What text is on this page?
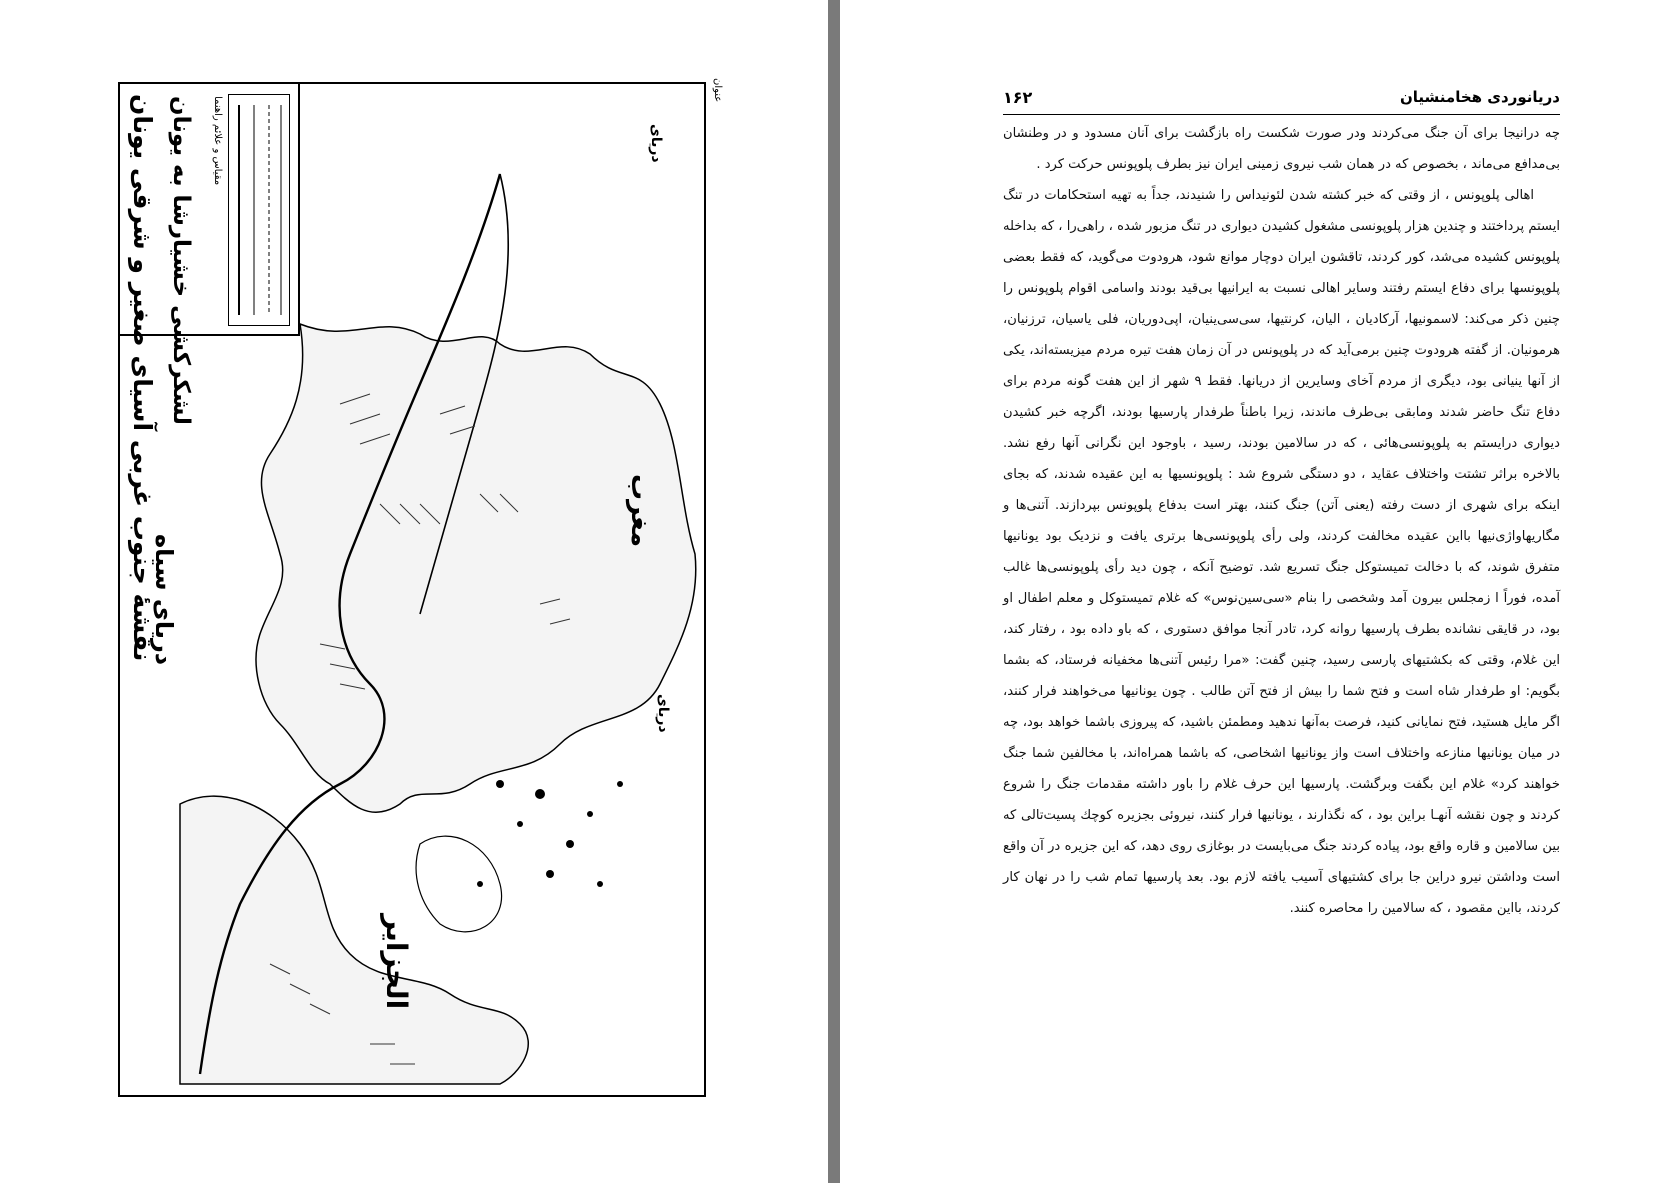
نقشهٔ جنوب غربی آسیای صغیر و شرقی یونان لشکرکشی خشیارشا به یونان مقیاس و علائم راهنما
دریای سیاه
الجزایر
مغرب
دریای
دریای
عنوان	۱۶۲	دریانوردی هخامنشیان

چه درانیجا برای آن جنگ می‌کردند ودر صورت شکست راه بازگشت برای آنان مسدود و در وطنشان بی‌مدافع می‌ماند ، بخصوص که در همان شب نیروی زمینی ایران نیز بطرف پلوپونس حرکت کرد .

اهالی پلوپونس ، از وقتی که خبر کشته شدن لئونیداس را شنیدند، جداً به تهیه استحکامات در تنگ ایستم پرداختند و چندین هزار پلوپونسی مشغول کشیدن دیواری در تنگ مزبور شده ، راهی‌را ، که بداخله پلوپونس کشیده می‌شد، کور کردند، تاقشون ایران دوچار موانع شود، هرودوت می‌گوید، که فقط بعضی پلوپونسها برای دفاع ایستم رفتند وسایر اهالی نسبت به ایرانیها بی‌قید بودند واسامی اقوام پلوپونس را چنین ذکر می‌کند: لاسمونیها، آرکادیان ، الیان، کرنتیها، سی‌سی‌ینیان، اپی‌دوریان، فلی یاسیان، ترزنیان، هرمونیان. از گفته هرودوت چنین برمی‌آید که در پلوپونس در آن زمان هفت تیره مردم میزیسته‌اند، یکی از آنها ینیانی بود، دیگری از مردم آخای وسایرین از دریانها. فقط ۹ شهر از این هفت گونه مردم برای دفاع تنگ حاضر شدند ومابقی بی‌طرف ماندند، زیرا باطناً طرفدار پارسیها بودند، اگرچه خبر کشیدن دیواری درایستم به پلوپونسی‌هائی ، که در سالامین بودند، رسید ، باوجود این نگرانی آنها رفع نشد. بالاخره براثر تشتت واختلاف عقاید ، دو دستگی شروع شد : پلوپونسیها به این عقیده شدند، که بجای اینکه برای شهری از دست رفته (یعنی آتن) جنگ کنند، بهتر است بدفاع پلوپونس بپردازند. آتنی‌ها و مگاریهاواژی‌نیها بااین عقیده مخالفت کردند، ولی رأی پلوپونسی‌ها برتری یافت و نزدیک بود یونانیها متفرق شوند، که با دخالت تمیستوکل جنگ تسریع شد. توضیح آنکه ، چون دید رأی پلوپونسی‌ها غالب آمده، فوراً ا زمجلس بیرون آمد وشخصی را بنام «سی‌سین‌نوس» که غلام تمیستوکل و معلم اطفال او بود، در قایقی نشانده بطرف پارسیها روانه کرد، تادر آنجا موافق دستوری ، که باو داده بود ، رفتار کند، این غلام، وقتی که بکشتیهای پارسی رسید، چنین گفت: «مرا رئیس آتنی‌ها مخفیانه فرستاد، که بشما بگویم: او طرفدار شاه است و فتح شما را بیش از فتح آتن طالب . چون یونانیها می‌خواهند فرار کنند، اگر مایل هستید، فتح نمایانی کنید، فرصت به‌آنها ندهید ومطمئن باشید، که پیروزی باشما خواهد بود، چه در میان یونانیها منازعه واختلاف است واز یونانیها اشخاصی، که باشما همراه‌اند، با مخالفین شما جنگ خواهند کرد» غلام این بگفت وبرگشت. پارسیها این حرف غلام را باور داشته مقدمات جنگ را شروع کردند و چون نقشه آنهـا براین بود ، که نگذارند ، یونانیها فرار کنند، نیروئی بجزیره کوچك پسیت‌تالی که بین سالامین و قاره واقع بود، پیاده کردند جنگ می‌بایست در بوغازی روی دهد، که این جزیره در آن واقع است وداشتن نیرو دراین جا برای کشتیهای آسیب یافته لازم بود. بعد پارسیها تمام شب را در نهان کار کردند، بااین مقصود ، که سالامین را محاصره کنند.
